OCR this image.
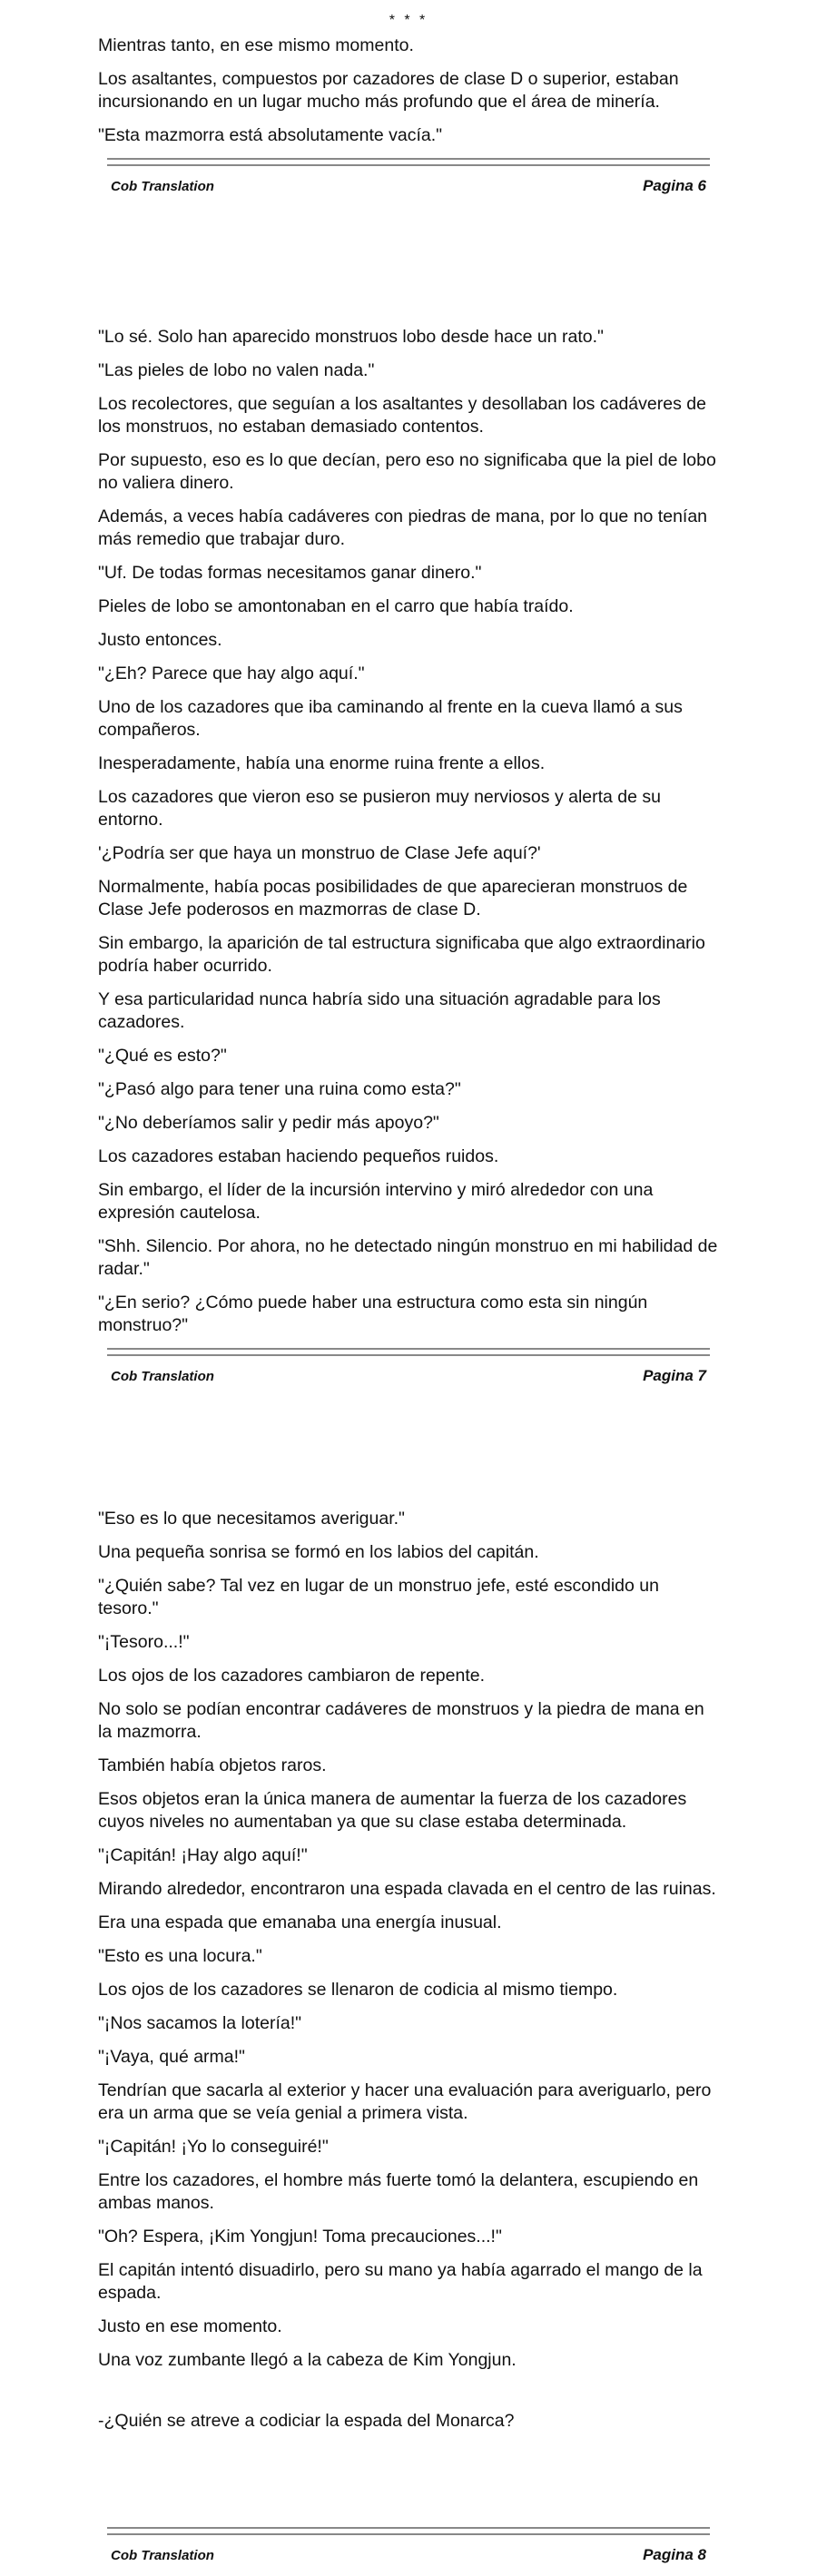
* * *

Mientras tanto, en ese mismo momento.

Los asaltantes, compuestos por cazadores de clase D o superior, estaban incursionando en un lugar mucho más profundo que el área de minería.

"Esta mazmorra está absolutamente vacía."

Cob Translation	Pagina 6

"Lo sé. Solo han aparecido monstruos lobo desde hace un rato."

"Las pieles de lobo no valen nada."

Los recolectores, que seguían a los asaltantes y desollaban los cadáveres de los monstruos, no estaban demasiado contentos.

Por supuesto, eso es lo que decían, pero eso no significaba que la piel de lobo no valiera dinero.

Además, a veces había cadáveres con piedras de mana, por lo que no tenían más remedio que trabajar duro.

"Uf. De todas formas necesitamos ganar dinero."

Pieles de lobo se amontonaban en el carro que había traído.

Justo entonces.

"¿Eh? Parece que hay algo aquí."

Uno de los cazadores que iba caminando al frente en la cueva llamó a sus compañeros.

Inesperadamente, había una enorme ruina frente a ellos.

Los cazadores que vieron eso se pusieron muy nerviosos y alerta de su entorno.

'¿Podría ser que haya un monstruo de Clase Jefe aquí?'

Normalmente, había pocas posibilidades de que aparecieran monstruos de Clase Jefe poderosos en mazmorras de clase D.

Sin embargo, la aparición de tal estructura significaba que algo extraordinario podría haber ocurrido.

Y esa particularidad nunca habría sido una situación agradable para los cazadores.

"¿Qué es esto?"

"¿Pasó algo para tener una ruina como esta?"

"¿No deberíamos salir y pedir más apoyo?"

Los cazadores estaban haciendo pequeños ruidos.

Sin embargo, el líder de la incursión intervino y miró alrededor con una expresión cautelosa.

"Shh. Silencio. Por ahora, no he detectado ningún monstruo en mi habilidad de radar."

"¿En serio? ¿Cómo puede haber una estructura como esta sin ningún monstruo?"

Cob Translation	Pagina 7

"Eso es lo que necesitamos averiguar."

Una pequeña sonrisa se formó en los labios del capitán.

"¿Quién sabe? Tal vez en lugar de un monstruo jefe, esté escondido un tesoro."

"¡Tesoro...!"

Los ojos de los cazadores cambiaron de repente.

No solo se podían encontrar cadáveres de monstruos y la piedra de mana en la mazmorra.

También había objetos raros.

Esos objetos eran la única manera de aumentar la fuerza de los cazadores cuyos niveles no aumentaban ya que su clase estaba determinada.

"¡Capitán! ¡Hay algo aquí!"

Mirando alrededor, encontraron una espada clavada en el centro de las ruinas.

Era una espada que emanaba una energía inusual.

"Esto es una locura."

Los ojos de los cazadores se llenaron de codicia al mismo tiempo.

"¡Nos sacamos la lotería!"

"¡Vaya, qué arma!"

Tendrían que sacarla al exterior y hacer una evaluación para averiguarlo, pero era un arma que se veía genial a primera vista.

"¡Capitán! ¡Yo lo conseguiré!"

Entre los cazadores, el hombre más fuerte tomó la delantera, escupiendo en ambas manos.

"Oh? Espera, ¡Kim Yongjun! Toma precauciones...!"

El capitán intentó disuadirlo, pero su mano ya había agarrado el mango de la espada.

Justo en ese momento.

Una voz zumbante llegó a la cabeza de Kim Yongjun.

-¿Quién se atreve a codiciar la espada del Monarca?

Cob Translation	Pagina 8
